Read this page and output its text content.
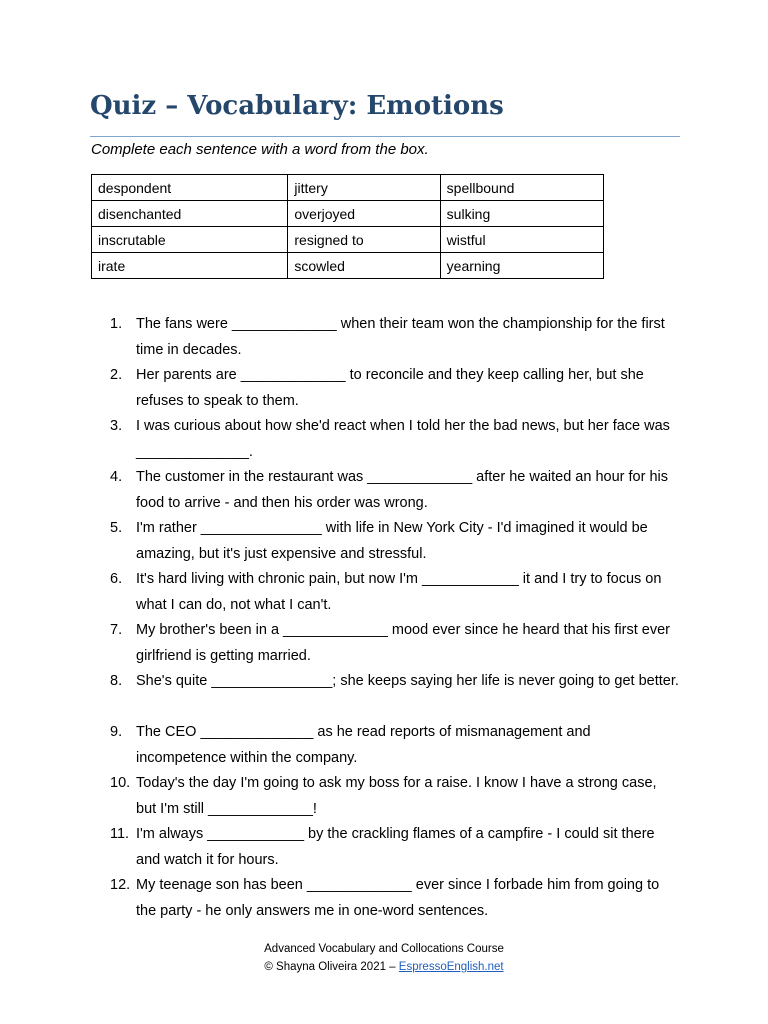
Quiz – Vocabulary: Emotions
Complete each sentence with a word from the box.
despondent	jittery	spellbound
disenchanted	overjoyed	sulking
inscrutable	resigned to	wistful
irate	scowled	yearning
1. The fans were _____________ when their team won the championship for the first time in decades.
2. Her parents are _____________ to reconcile and they keep calling her, but she refuses to speak to them.
3. I was curious about how she'd react when I told her the bad news, but her face was ______________.
4. The customer in the restaurant was _____________ after he waited an hour for his food to arrive - and then his order was wrong.
5. I'm rather _______________ with life in New York City - I'd imagined it would be amazing, but it's just expensive and stressful.
6. It's hard living with chronic pain, but now I'm ____________ it and I try to focus on what I can do, not what I can't.
7. My brother's been in a _____________ mood ever since he heard that his first ever girlfriend is getting married.
8. She's quite _______________; she keeps saying her life is never going to get better.
9. The CEO ______________ as he read reports of mismanagement and incompetence within the company.
10. Today's the day I'm going to ask my boss for a raise. I know I have a strong case, but I'm still _____________!
11. I'm always ____________ by the crackling flames of a campfire - I could sit there and watch it for hours.
12. My teenage son has been _____________ ever since I forbade him from going to the party - he only answers me in one-word sentences.
Advanced Vocabulary and Collocations Course
© Shayna Oliveira 2021 – EspressoEnglish.net
